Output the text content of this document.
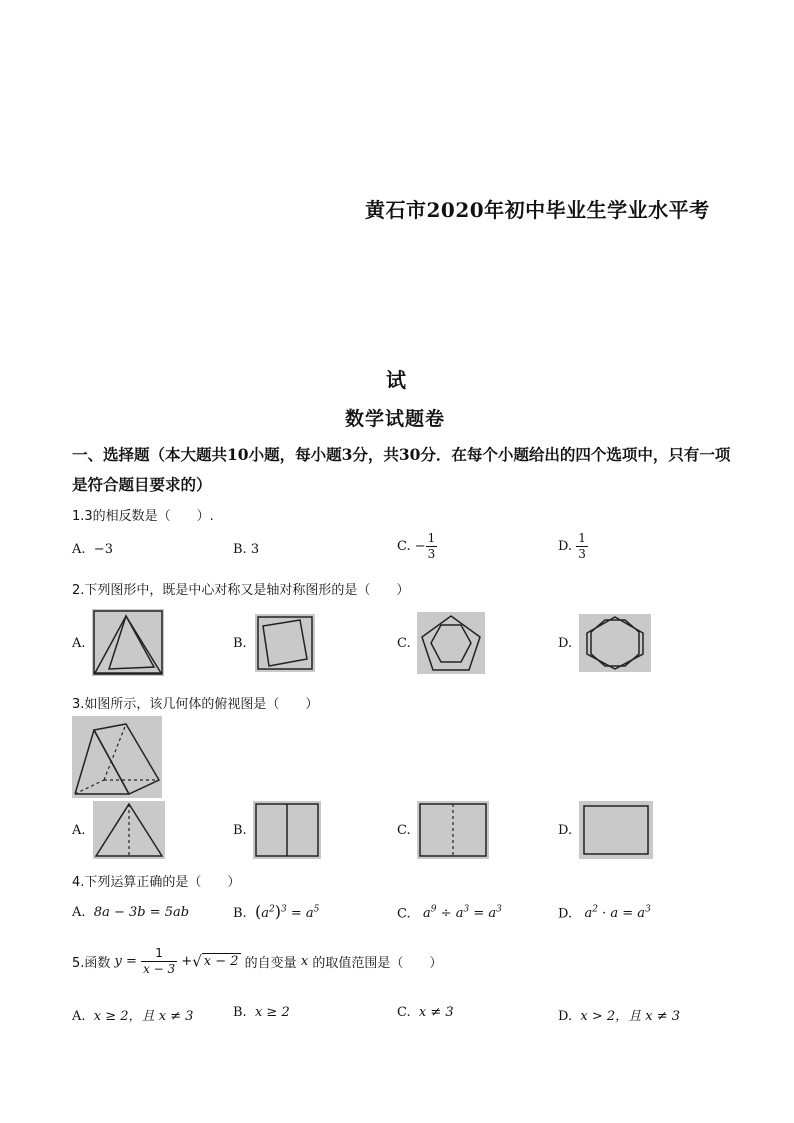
黄石市2020年初中毕业生学业水平考
试
数学试题卷
一、选择题（本大题共10小题，每小题3分，共30分．在每个小题给出的四个选项中，只有一项是符合题目要求的）
1.3的相反数是（　　）.
A. −3	B. 3	C. − $\frac{1}{3}$	D. $\frac{1}{3}$
2.下列图形中，既是中心对称又是轴对称图形的是（　　）
A.	B.	C.	D.
3.如图所示，该几何体的俯视图是（　　）
A.	B.	C.	D.
4.下列运算正确的是（　　）
A. 8a − 3b = 5ab	B. $(a^2)^3 = a^5$	C. $a^9 \div a^3 = a^3$	D. $a^2 \cdot a = a^3$
5.函数 $y = \frac{1}{x - 3}$ +√ x − 2 的自变量 x 的取值范围是（　　）
A. x ≥ 2，且 x ≠ 3	B. x ≥ 2	C. x ≠ 3	D. x > 2，且 x ≠ 3
